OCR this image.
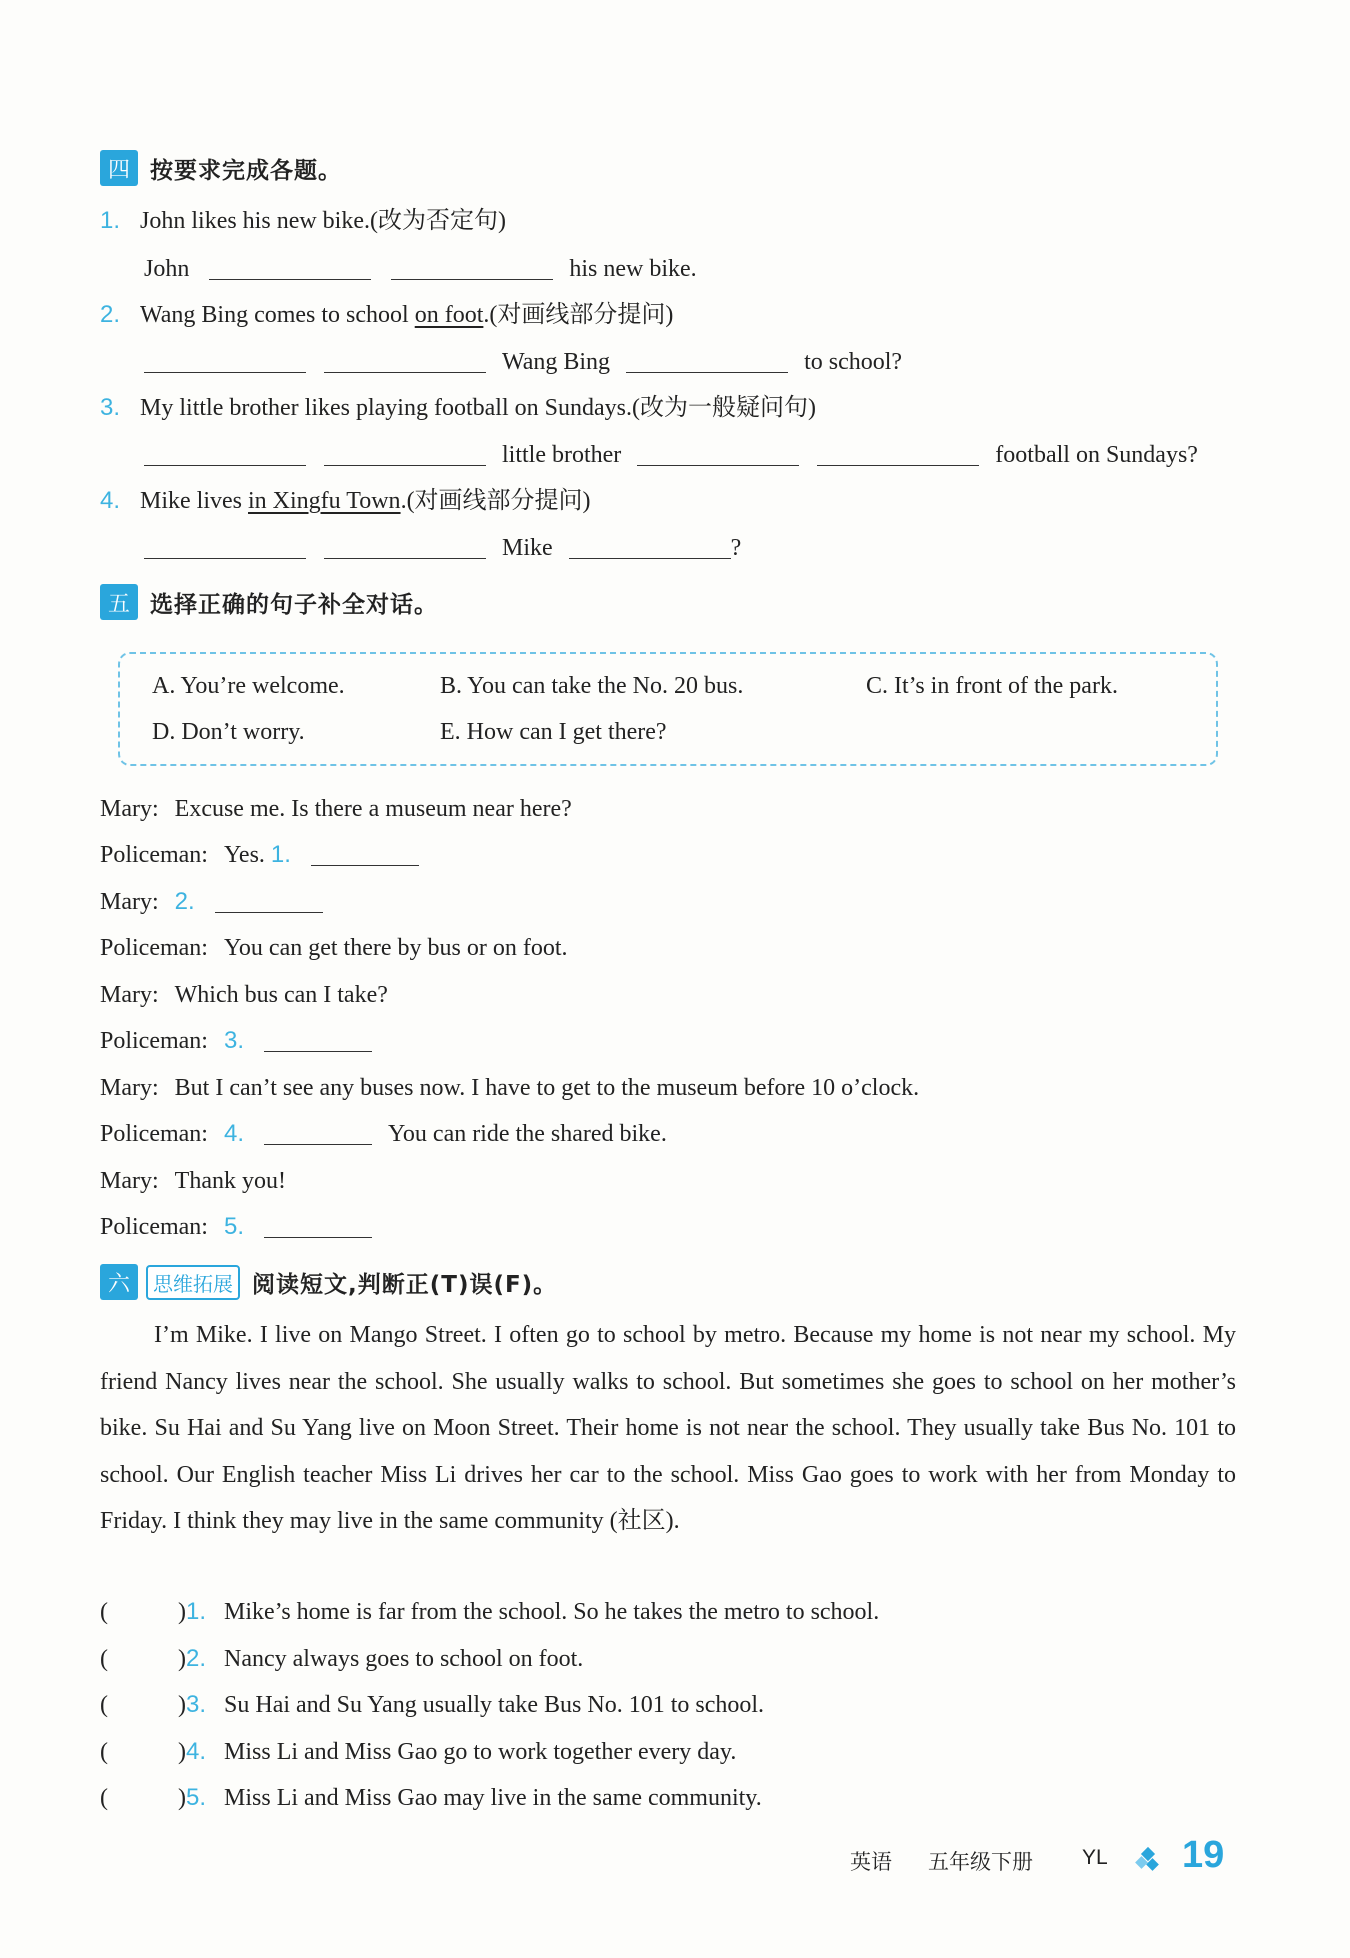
四 按要求完成各题。
1. John likes his new bike.(改为否定句)
John	his new bike.
2. Wang Bing comes to school on foot.(对画线部分提问)
Wang Bing	to school?
3. My little brother likes playing football on Sundays.(改为一般疑问句)
little brother	football on Sundays?
4. Mike lives in Xingfu Town.(对画线部分提问)
Mike	?
五 选择正确的句子补全对话。
A. You’re welcome.	B. You can take the No. 20 bus.	C. It’s in front of the park.
D. Don’t worry.	E. How can I get there?
Mary: Excuse me. Is there a museum near here?
Policeman: Yes. 1.
Mary: 2.
Policeman: You can get there by bus or on foot.
Mary: Which bus can I take?
Policeman: 3.
Mary: But I can’t see any buses now. I have to get to the museum before 10 o’clock.
Policeman: 4.	You can ride the shared bike.
Mary: Thank you!
Policeman: 5.
六	思维拓展 阅读短文,判断正(T)误(F)。
I’m Mike. I live on Mango Street. I often go to school by metro. Because my home is not near my school. My friend Nancy lives near the school. She usually walks to school. But sometimes she goes to school on her mother’s bike. Su Hai and Su Yang live on Moon Street. Their home is not near the school. They usually take Bus No. 101 to school. Our English teacher Miss Li drives her car to the school. Miss Gao goes to work with her from Monday to Friday. I think they may live in the same community (社区).
(	)1. Mike’s home is far from the school. So he takes the metro to school.
(	)2. Nancy always goes to school on foot.
(	)3. Su Hai and Su Yang usually take Bus No. 101 to school.
(	)4. Miss Li and Miss Gao go to work together every day.
(	)5. Miss Li and Miss Gao may live in the same community.
英语 五年级下册 YL 19
